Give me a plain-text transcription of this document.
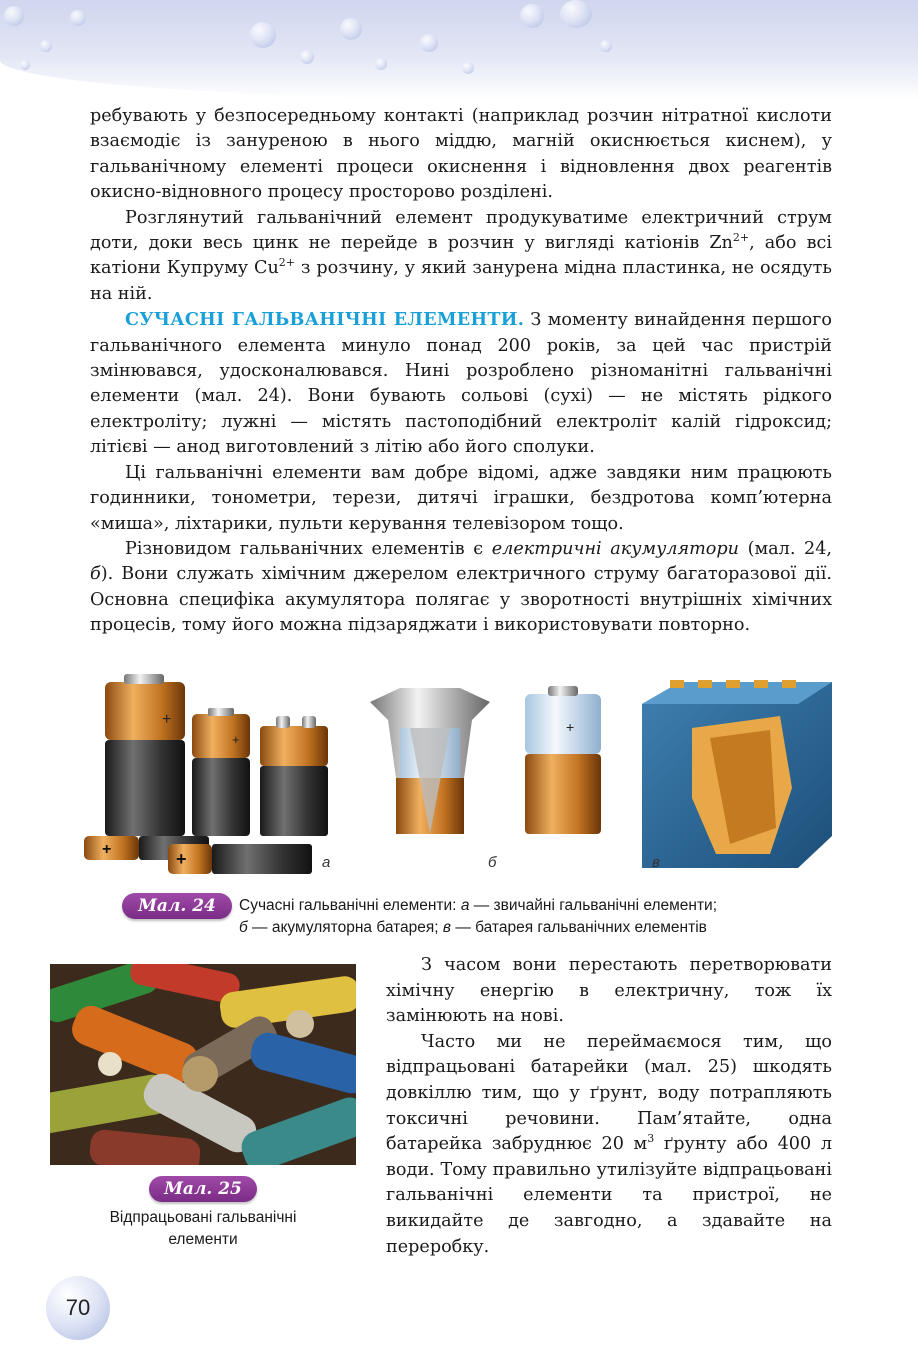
ребувають у безпосередньому контакті (наприклад розчин нітратної кислоти взаємодіє із зануреною в нього міддю, магній окиснюється киснем), у гальванічному елементі процеси окиснення і відновлення двох реагентів окисно-відновного процесу просторово розділені.

Розглянутий гальванічний елемент продукуватиме електричний струм доти, доки весь цинк не перейде в розчин у вигляді катіонів $Zn^{2+}$, або всі катіони Купруму $Cu^{2+}$ з розчину, у який занурена мідна пластинка, не осядуть на ній.

СУЧАСНІ ГАЛЬВАНІЧНІ ЕЛЕМЕНТИ. З моменту винайдення першого гальванічного елемента минуло понад 200 років, за цей час пристрій змінювався, удосконалювався. Нині розроблено різноманітні гальванічні елементи (мал. 24). Вони бувають сольові (сухі) — не містять рідкого електроліту; лужні — містять пастоподібний електроліт калій гідроксид; літієві — анод виготовлений з літію або його сполуки.

Ці гальванічні елементи вам добре відомі, адже завдяки ним працюють годинники, тонометри, терези, дитячі іграшки, бездротова комп’ютерна «миша», ліхтарики, пульти керування телевізором тощо.

Різновидом гальванічних елементів є електричні акумулятори (мал. 24, б). Вони служать хімічним джерелом електричного струму багаторазової дії. Основна специфіка акумулятора полягає у зворотності внутрішніх хімічних процесів, тому його можна підзаряджати і використовувати повторно.

+
+
+	+
+
а	б	в
Мал. 24	Сучасні гальванічні елементи: а — звичайні гальванічні елементи;
б — акумуляторна батарея; в — батарея гальванічних елементів
Мал. 25
Відпрацьовані гальванічні
елементи

З часом вони перестають перетворювати хімічну енергію в електричну, тож їх замінюють на нові.

Часто ми не переймаємося тим, що відпрацьовані батарейки (мал. 25) шкодять довкіллю тим, що у ґрунт, воду потрапляють токсичні речовини. Пам’ятайте, одна батарейка забруднює 20 $м^3$ ґрунту або 400 л води. Тому правильно утилізуйте відпрацьовані гальванічні елементи та пристрої, не викидайте де завгодно, а здавайте на переробку.

70
